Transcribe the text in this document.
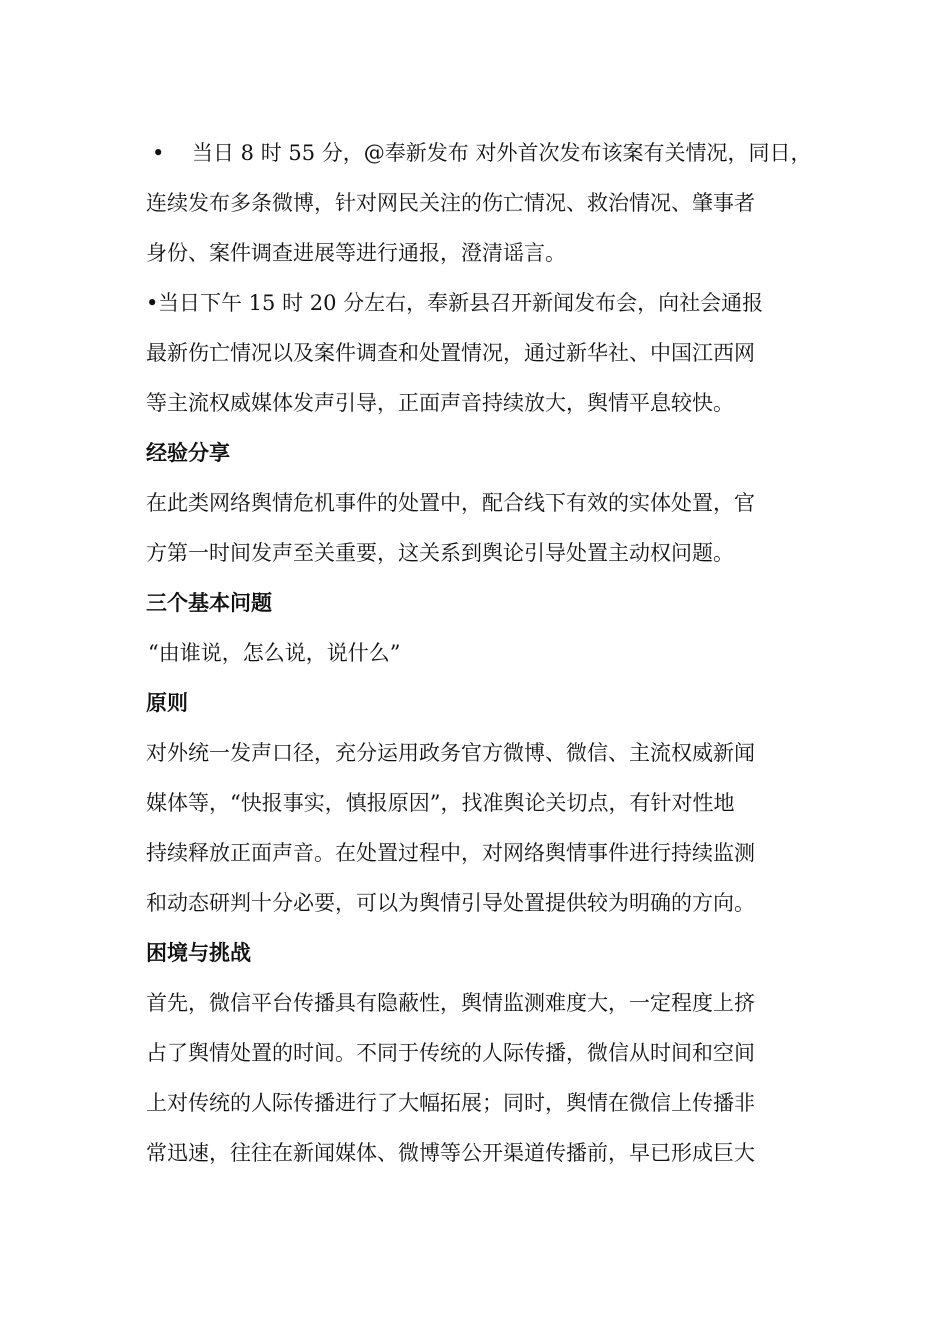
• 当日 8 时 55 分，@奉新发布 对外首次发布该案有关情况，同日，
连续发布多条微博，针对网民关注的伤亡情况、救治情况、肇事者
身份、案件调查进展等进行通报，澄清谣言。
•当日下午 15 时 20 分左右，奉新县召开新闻发布会，向社会通报
最新伤亡情况以及案件调查和处置情况，通过新华社、中国江西网
等主流权威媒体发声引导，正面声音持续放大，舆情平息较快。
经验分享
在此类网络舆情危机事件的处置中，配合线下有效的实体处置，官
方第一时间发声至关重要，这关系到舆论引导处置主动权问题。
三个基本问题
“由谁说，怎么说，说什么”
原则
对外统一发声口径，充分运用政务官方微博、微信、主流权威新闻
媒体等，“快报事实，慎报原因”，找准舆论关切点，有针对性地
持续释放正面声音。在处置过程中，对网络舆情事件进行持续监测
和动态研判十分必要，可以为舆情引导处置提供较为明确的方向。
困境与挑战
首先，微信平台传播具有隐蔽性，舆情监测难度大，一定程度上挤
占了舆情处置的时间。不同于传统的人际传播，微信从时间和空间
上对传统的人际传播进行了大幅拓展；同时，舆情在微信上传播非
常迅速，往往在新闻媒体、微博等公开渠道传播前，早已形成巨大
